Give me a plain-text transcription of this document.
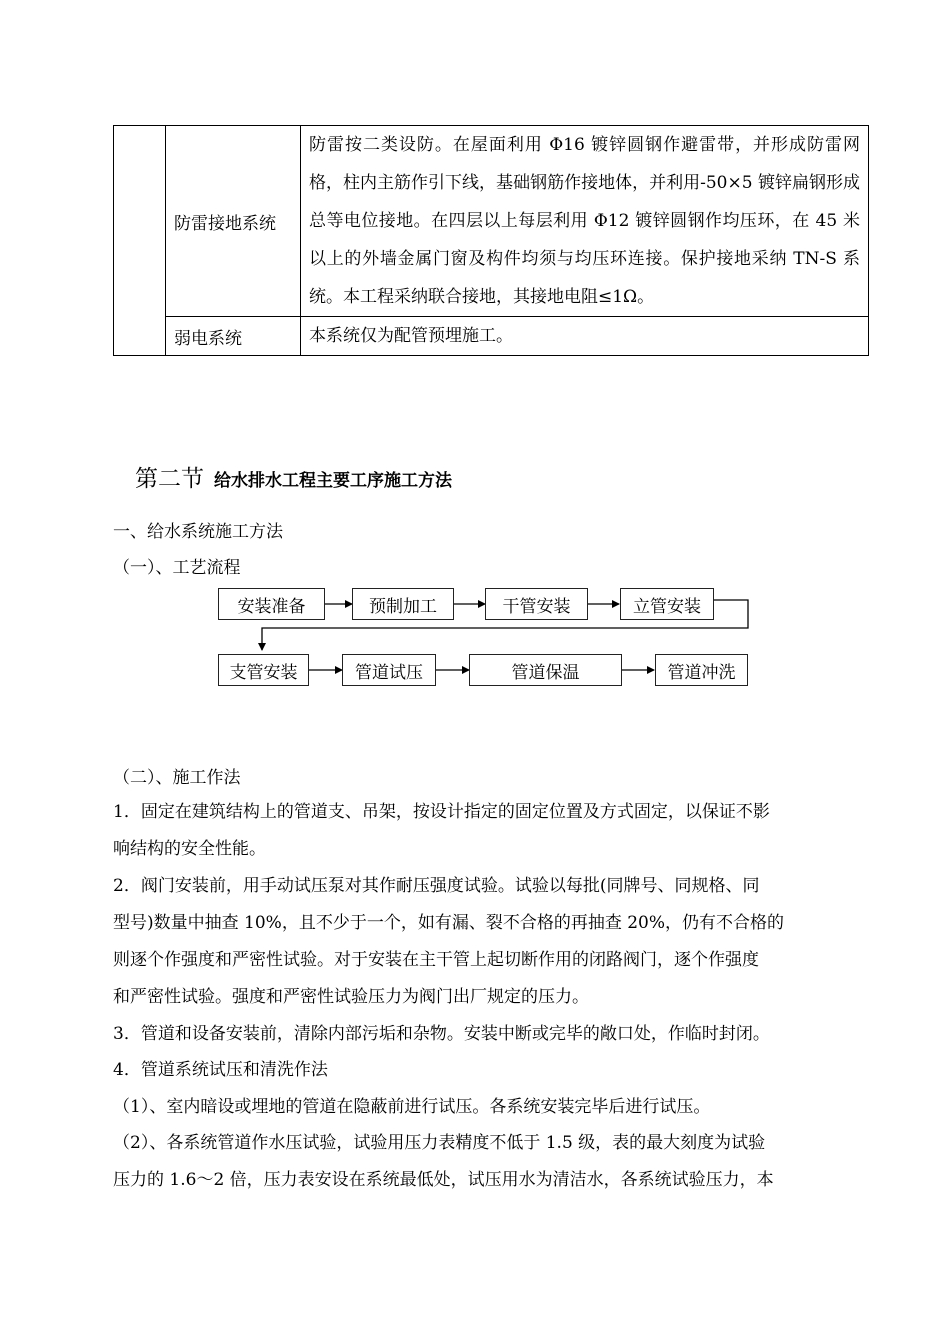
	防雷接地系统	防雷按二类设防。在屋面利用 Φ16 镀锌圆钢作避雷带，并形成防雷网格，柱内主筋作引下线，基础钢筋作接地体，并利用-50×5 镀锌扁钢形成总等电位接地。在四层以上每层利用 Φ12 镀锌圆钢作均压环，在 45 米以上的外墙金属门窗及构件均须与均压环连接。保护接地采纳 TN-S 系统。本工程采纳联合接地，其接地电阻≤1Ω。
	弱电系统	本系统仅为配管预埋施工。
第二节 给水排水工程主要工序施工方法
一、给水系统施工方法
（一）、工艺流程
安装准备	预制加工	干管安装	立管安装
支管安装	管道试压	管道保温	管道冲洗
（二）、施工作法
1．固定在建筑结构上的管道支、吊架，按设计指定的固定位置及方式固定，以保证不影
响结构的安全性能。
2．阀门安装前，用手动试压泵对其作耐压强度试验。试验以每批(同牌号、同规格、同
型号)数量中抽查 10%，且不少于一个，如有漏、裂不合格的再抽查 20%，仍有不合格的
则逐个作强度和严密性试验。对于安装在主干管上起切断作用的闭路阀门，逐个作强度
和严密性试验。强度和严密性试验压力为阀门出厂规定的压力。
3．管道和设备安装前，清除内部污垢和杂物。安装中断或完毕的敞口处，作临时封闭。
4．管道系统试压和清洗作法
（1）、室内暗设或埋地的管道在隐蔽前进行试压。各系统安装完毕后进行试压。
（2）、各系统管道作水压试验，试验用压力表精度不低于 1.5 级，表的最大刻度为试验
压力的 1.6～2 倍，压力表安设在系统最低处，试压用水为清洁水，各系统试验压力，本
